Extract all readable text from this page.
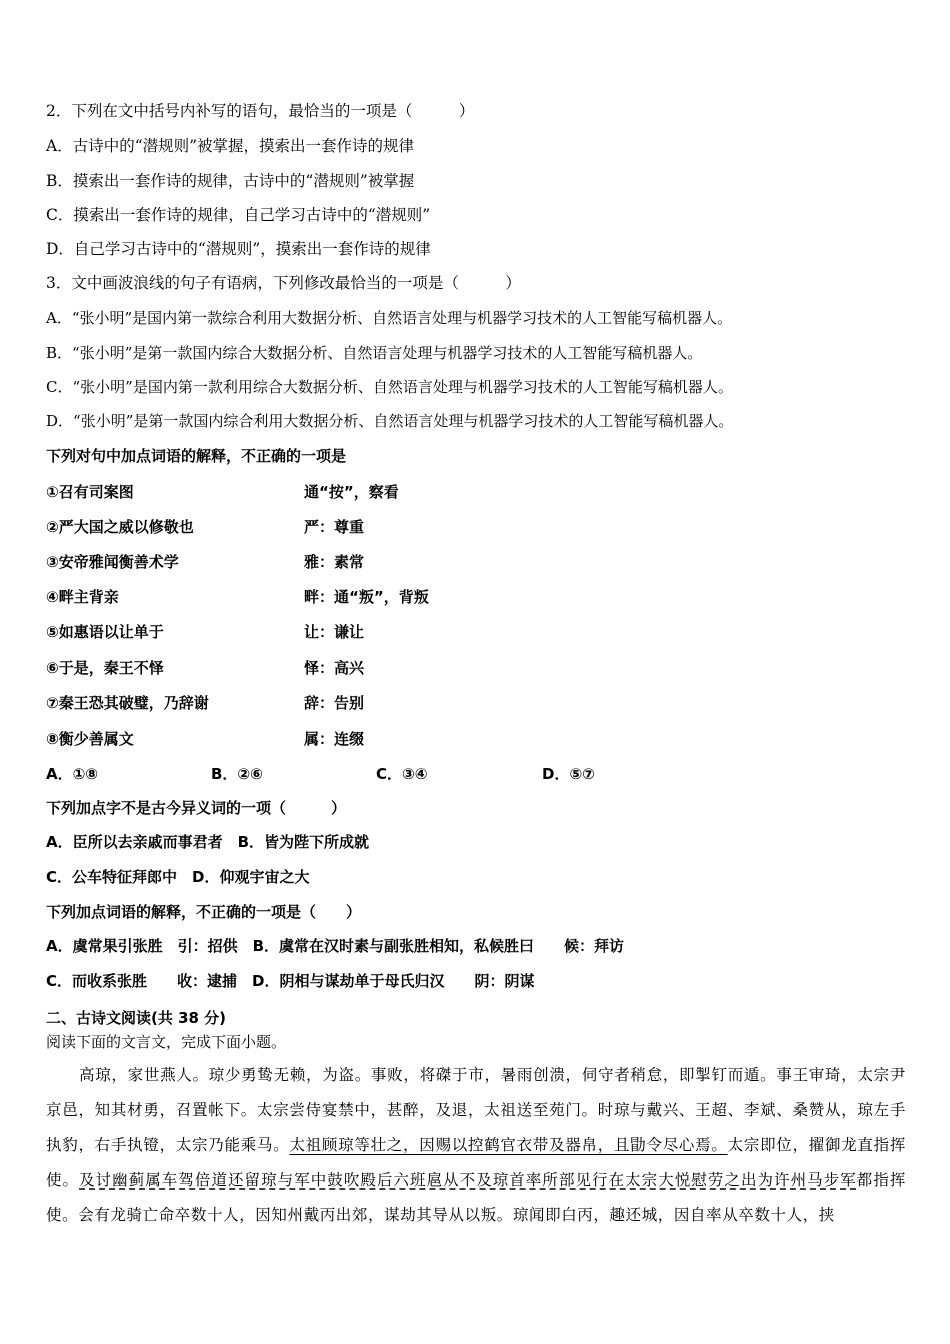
2．下列在文中括号内补写的语句，最恰当的一项是（　　　）
A．古诗中的“潜规则”被掌握，摸索出一套作诗的规律
B．摸索出一套作诗的规律，古诗中的“潜规则”被掌握
C．摸索出一套作诗的规律，自己学习古诗中的“潜规则”
D．自己学习古诗中的“潜规则”，摸索出一套作诗的规律
3．文中画波浪线的句子有语病，下列修改最恰当的一项是（　　　）
A．“张小明”是国内第一款综合利用大数据分析、自然语言处理与机器学习技术的人工智能写稿机器人。
B．“张小明”是第一款国内综合大数据分析、自然语言处理与机器学习技术的人工智能写稿机器人。
C．“张小明”是国内第一款利用综合大数据分析、自然语言处理与机器学习技术的人工智能写稿机器人。
D．“张小明”是第一款国内综合利用大数据分析、自然语言处理与机器学习技术的人工智能写稿机器人。
下列对句中加点词语的解释，不正确的一项是
①召有司案图	通“按”，察看
②严大国之威以修敬也	严：尊重
③安帝雅闻衡善术学	雅：素常
④畔主背亲	畔：通“叛”，背叛
⑤如惠语以让单于	让：谦让
⑥于是，秦王不怿	怿：高兴
⑦秦王恐其破璧，乃辞谢	辞：告别
⑧衡少善属文	属：连缀
A．①⑧	B．②⑥	C．③④	D．⑤⑦
下列加点字不是古今异义词的一项（　　　）
A．臣所以去亲戚而事君者　B．皆为陛下所成就
C．公车特征拜郎中　D．仰观宇宙之大
下列加点词语的解释，不正确的一项是（　　）
A．虞常果引张胜　引：招供　B．虞常在汉时素与副张胜相知，私候胜曰　　候：拜访
C．而收系张胜　　收：逮捕　D．阴相与谋劫单于母氏归汉　　阴：阴谋
二、古诗文阅读(共 38 分)
阅读下面的文言文，完成下面小题。
高琼，家世燕人。琼少勇鸷无赖，为盗。事败，将磔于市，暑雨创溃，伺守者稍怠，即掣钉而遁。事王审琦，太宗尹京邑，知其材勇，召置帐下。太宗尝侍宴禁中，甚醉，及退，太祖送至苑门。时琼与戴兴、王超、李斌、桑赞从，琼左手执豹，右手执镫，太宗乃能乘马。太祖顾琼等壮之，因赐以控鹤官衣带及器帛，且勖令尽心焉。太宗即位，擢御龙直指挥使。及讨幽蓟属车驾倍道还留琼与军中鼓吹殿后六班扈从不及琼首率所部见行在太宗大悦慰劳之出为许州马步军都指挥使。会有龙骑亡命卒数十人，因知州戴丙出郊，谋劫其导从以叛。琼闻即白丙，趣还城，因自率从卒数十人，挟
